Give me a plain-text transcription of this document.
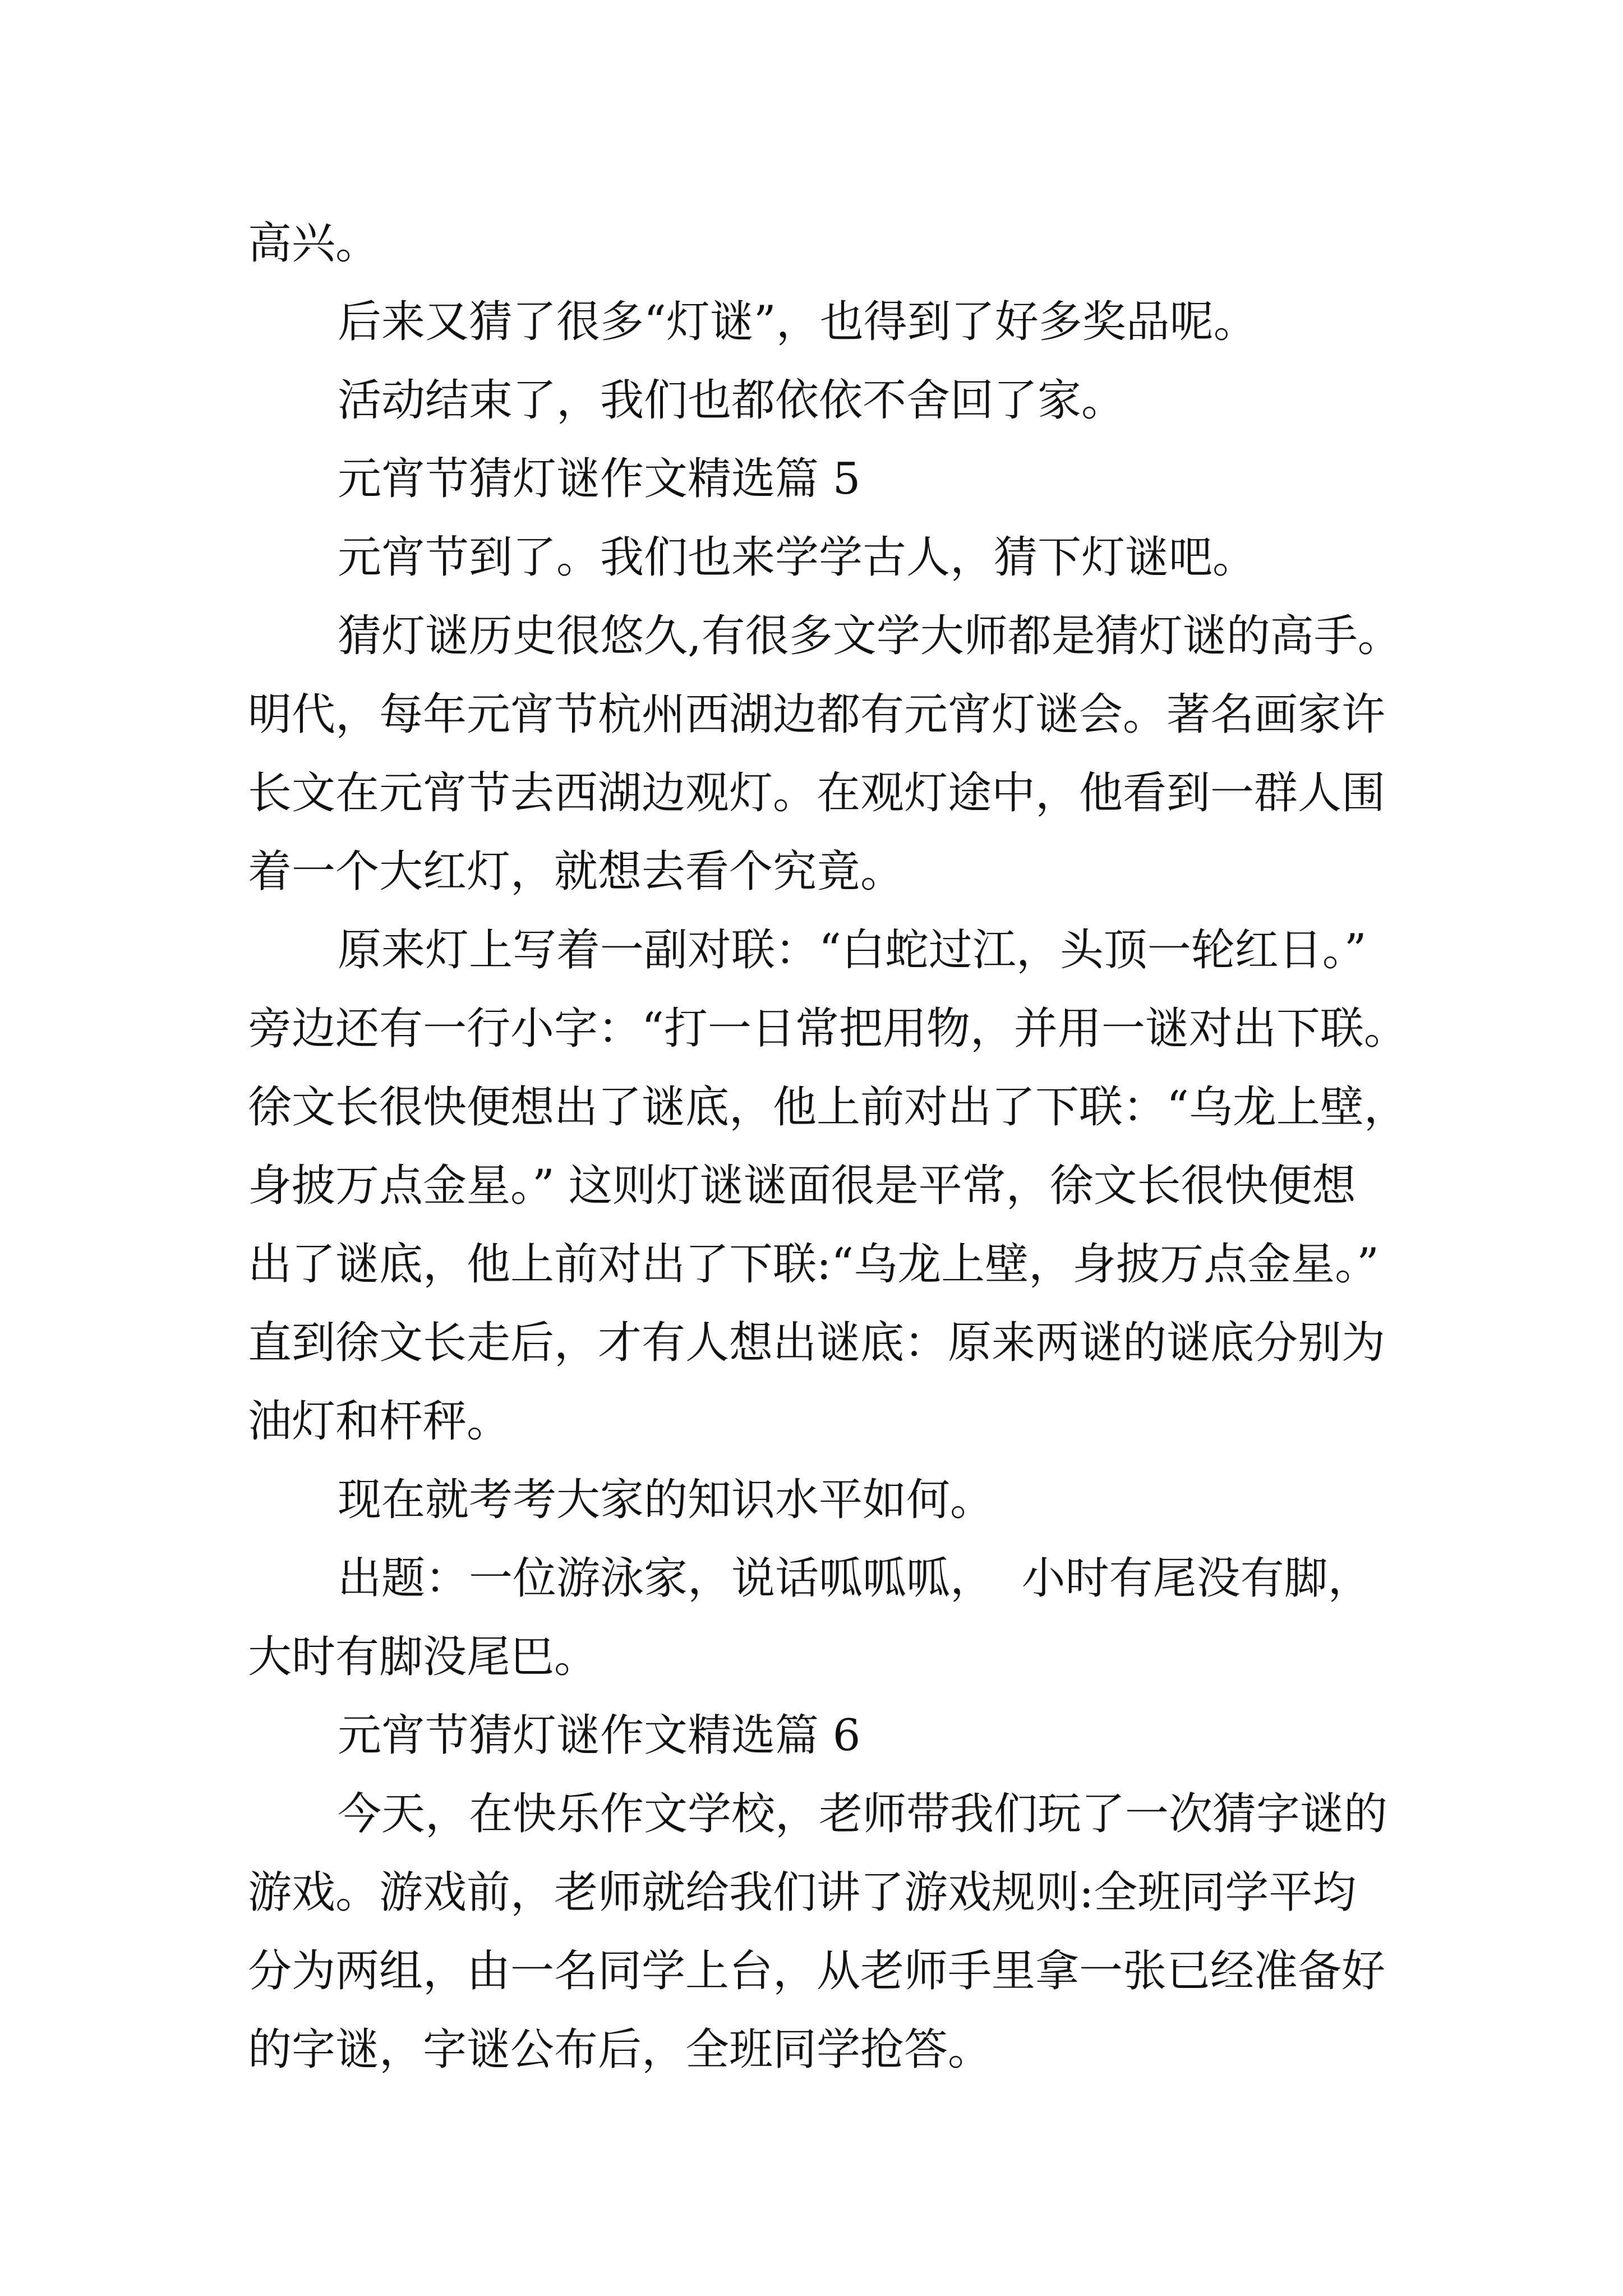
高兴。
后来又猜了很多“灯谜”，也得到了好多奖品呢。
活动结束了，我们也都依依不舍回了家。
元宵节猜灯谜作文精选篇 5
元宵节到了。我们也来学学古人，猜下灯谜吧。
猜灯谜历史很悠久,有很多文学大师都是猜灯谜的高手。
明代，每年元宵节杭州西湖边都有元宵灯谜会。著名画家许
长文在元宵节去西湖边观灯。在观灯途中，他看到一群人围
着一个大红灯，就想去看个究竟。
原来灯上写着一副对联：“白蛇过江，头顶一轮红日。”
旁边还有一行小字：“打一日常把用物，并用一谜对出下联。
徐文长很快便想出了谜底，他上前对出了下联：“乌龙上壁，
身披万点金星。” 这则灯谜谜面很是平常，徐文长很快便想
出了谜底，他上前对出了下联:“乌龙上壁，身披万点金星。”
直到徐文长走后，才有人想出谜底：原来两谜的谜底分别为
油灯和杆秤。
现在就考考大家的知识水平如何。
出题：一位游泳家，说话呱呱呱，  小时有尾没有脚，
大时有脚没尾巴。
元宵节猜灯谜作文精选篇 6
今天，在快乐作文学校，老师带我们玩了一次猜字谜的
游戏。游戏前，老师就给我们讲了游戏规则:全班同学平均
分为两组，由一名同学上台，从老师手里拿一张已经准备好
的字谜，字谜公布后，全班同学抢答。
